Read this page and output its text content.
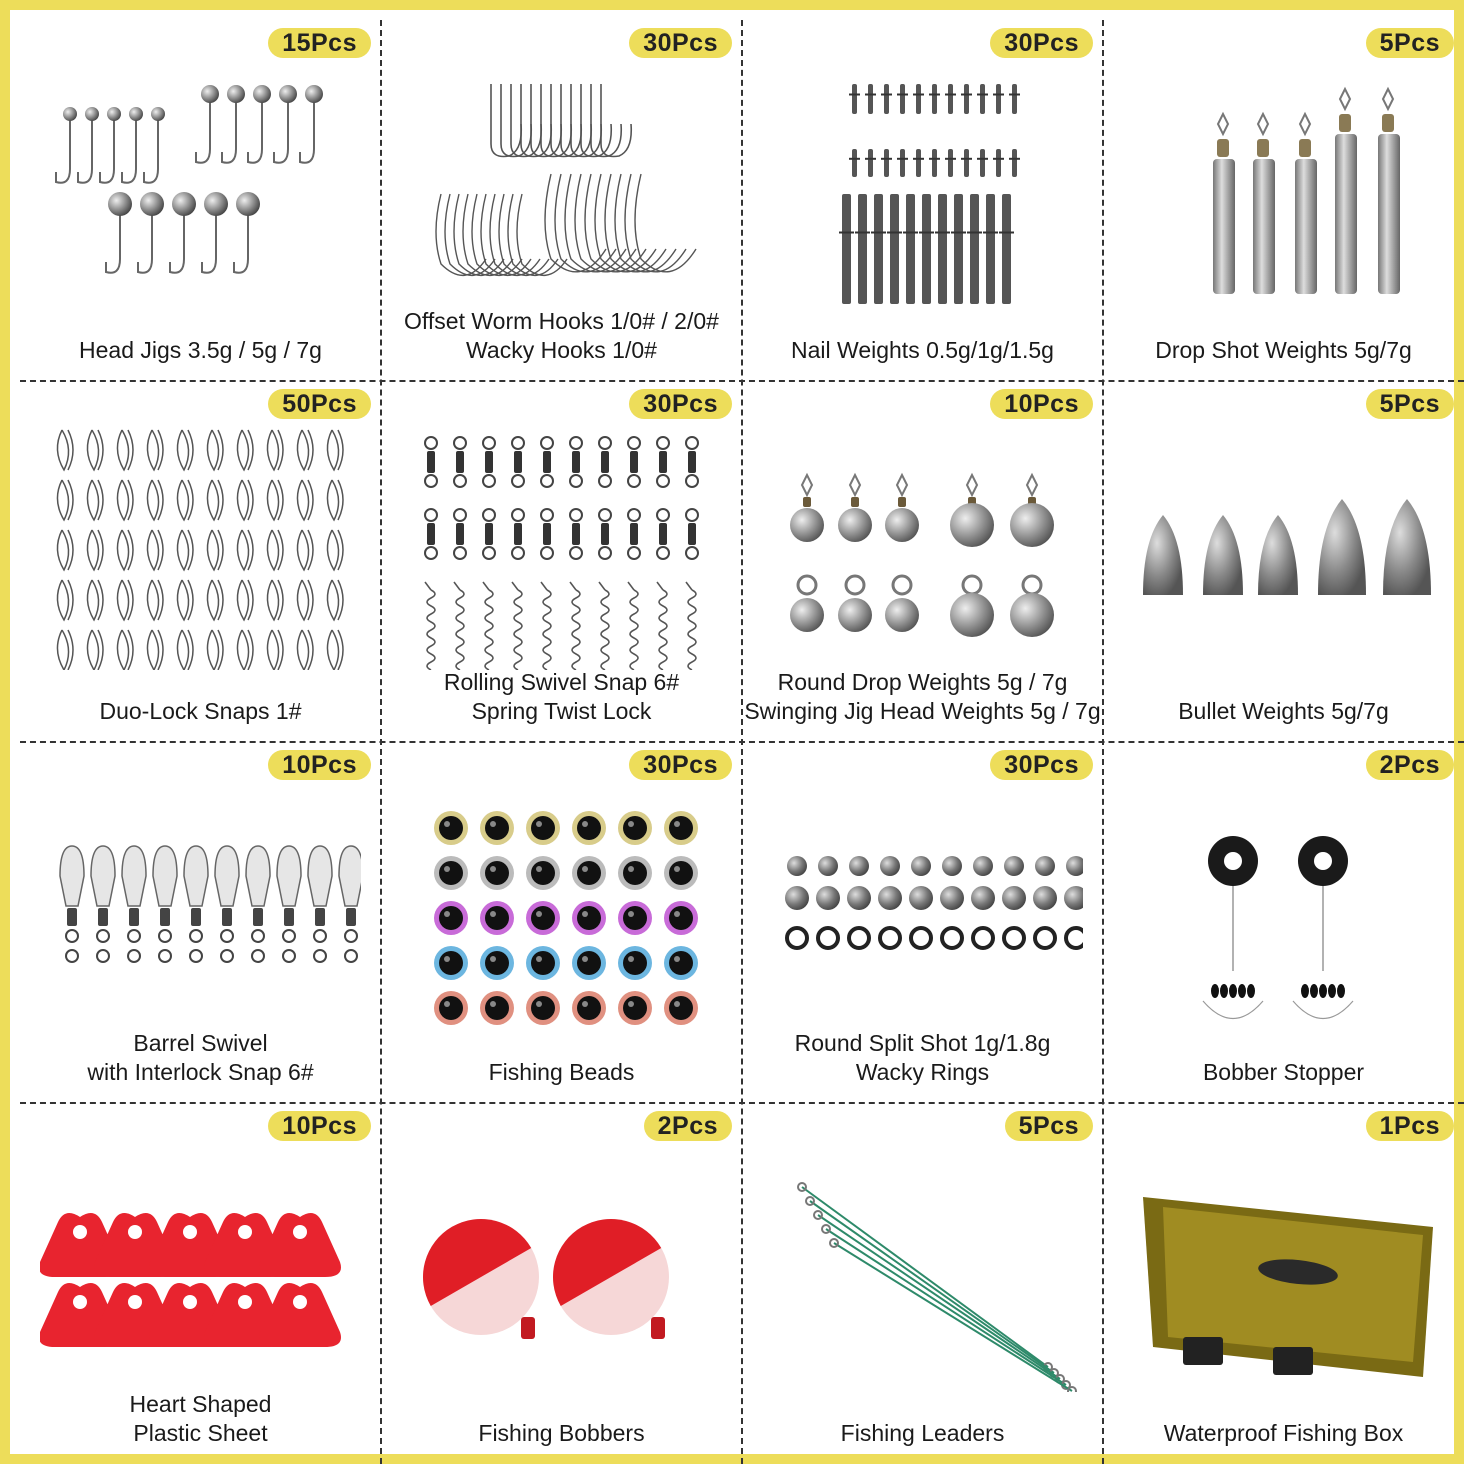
15Pcs
Head Jigs 3.5g / 5g / 7g
30Pcs
Offset Worm Hooks 1/0# / 2/0#
Wacky Hooks 1/0#
30Pcs
Nail Weights 0.5g/1g/1.5g
5Pcs
Drop Shot Weights 5g/7g
50Pcs
Duo-Lock Snaps 1#
30Pcs
Rolling Swivel Snap 6#
Spring Twist Lock
10Pcs
Round Drop Weights 5g / 7g
Swinging Jig Head Weights 5g / 7g
5Pcs
Bullet Weights 5g/7g
10Pcs
Barrel Swivel
with Interlock Snap 6#
30Pcs
Fishing Beads
30Pcs
Round Split Shot 1g/1.8g
Wacky Rings
2Pcs
Bobber Stopper
10Pcs
Heart Shaped
Plastic Sheet
2Pcs
Fishing Bobbers
5Pcs
Fishing Leaders
1Pcs
Waterproof Fishing Box
